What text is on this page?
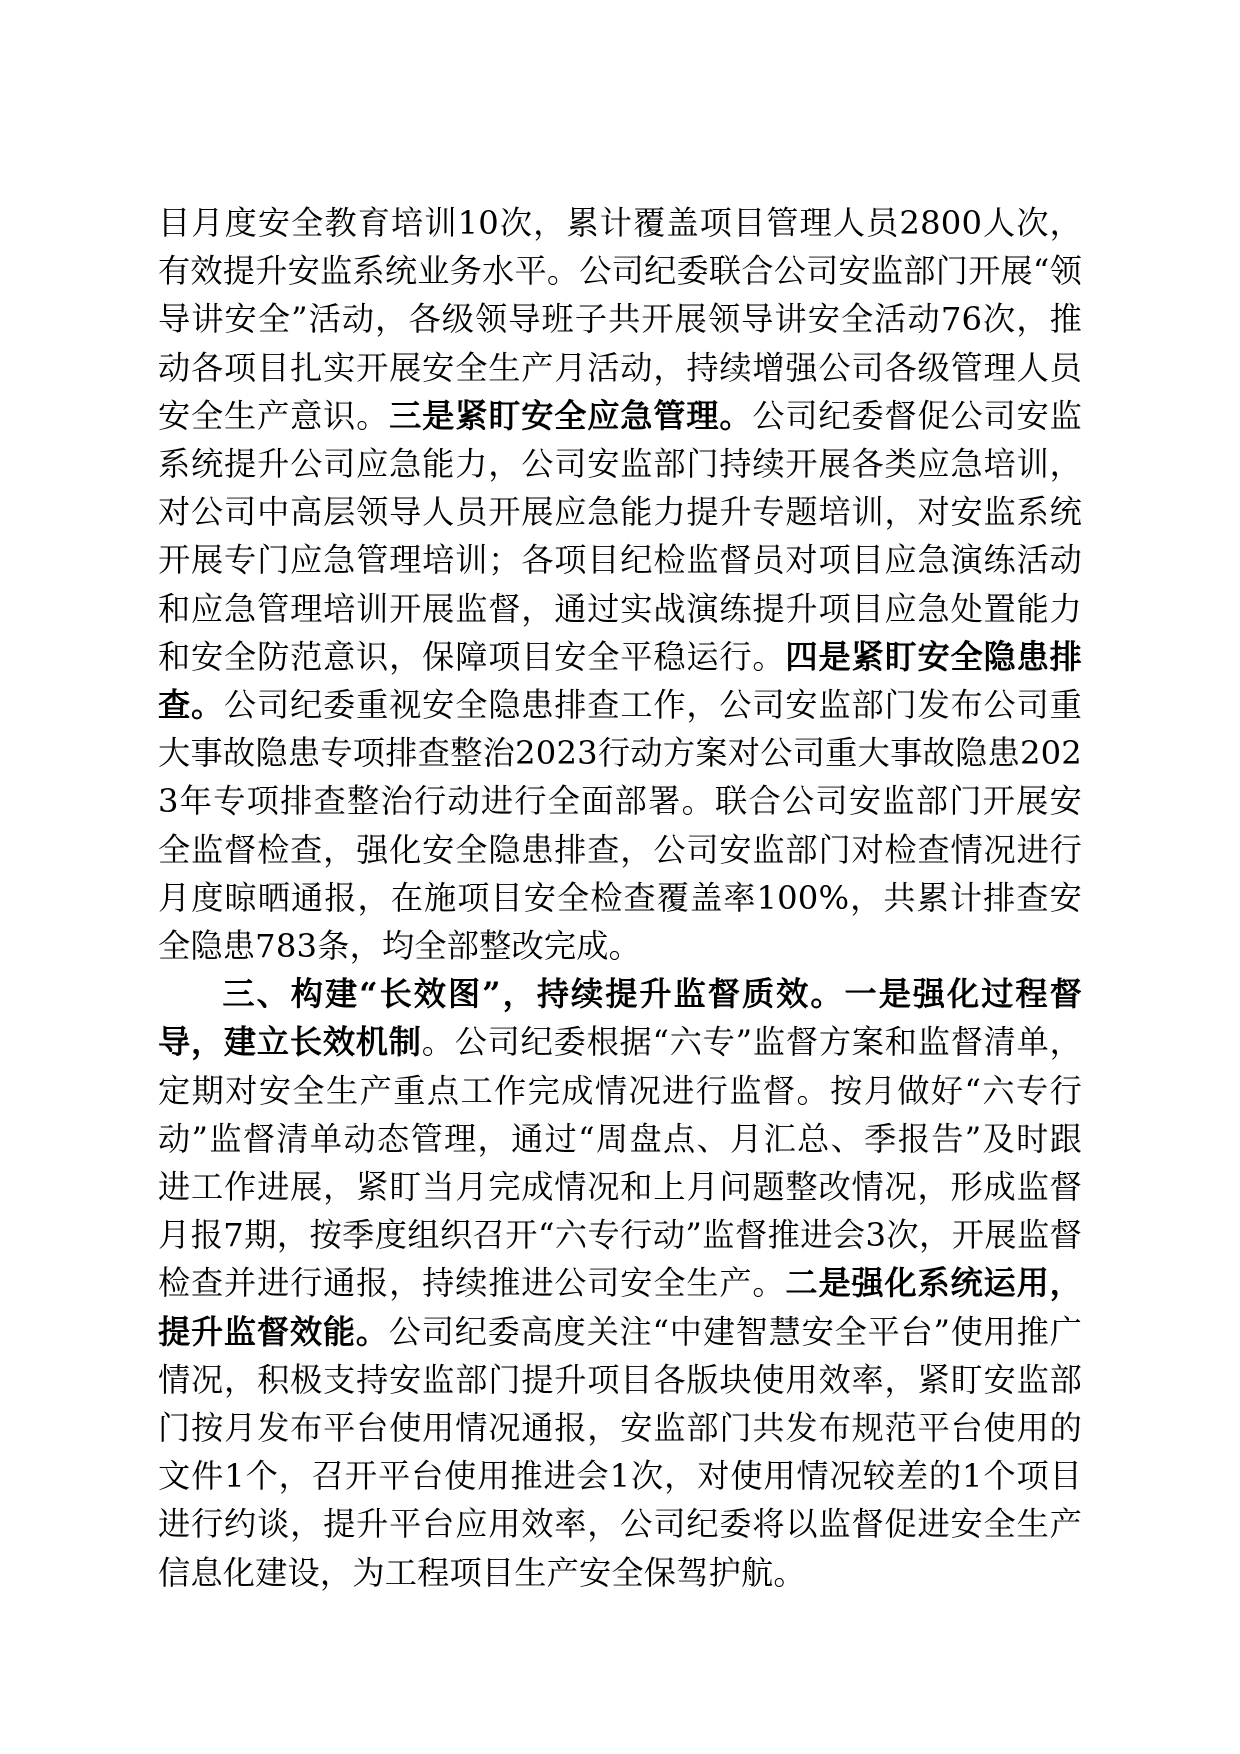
目月度安全教育培训10次，累计覆盖项目管理人员2800人次，有效提升安监系统业务水平。公司纪委联合公司安监部门开展“领导讲安全”活动，各级领导班子共开展领导讲安全活动76次，推动各项目扎实开展安全生产月活动，持续增强公司各级管理人员安全生产意识。三是紧盯安全应急管理。公司纪委督促公司安监系统提升公司应急能力，公司安监部门持续开展各类应急培训，对公司中高层领导人员开展应急能力提升专题培训，对安监系统开展专门应急管理培训；各项目纪检监督员对项目应急演练活动和应急管理培训开展监督，通过实战演练提升项目应急处置能力和安全防范意识，保障项目安全平稳运行。四是紧盯安全隐患排查。公司纪委重视安全隐患排查工作，公司安监部门发布公司重大事故隐患专项排查整治2023行动方案对公司重大事故隐患2023年专项排查整治行动进行全面部署。联合公司安监部门开展安全监督检查，强化安全隐患排查，公司安监部门对检查情况进行月度晾晒通报，在施项目安全检查覆盖率100%，共累计排查安全隐患783条，均全部整改完成。

三、构建“长效图”，持续提升监督质效。一是强化过程督导，建立长效机制。公司纪委根据“六专”监督方案和监督清单，定期对安全生产重点工作完成情况进行监督。按月做好“六专行动”监督清单动态管理，通过“周盘点、月汇总、季报告”及时跟进工作进展，紧盯当月完成情况和上月问题整改情况，形成监督月报7期，按季度组织召开“六专行动”监督推进会3次，开展监督检查并进行通报，持续推进公司安全生产。二是强化系统运用，提升监督效能。公司纪委高度关注“中建智慧安全平台”使用推广情况，积极支持安监部门提升项目各版块使用效率，紧盯安监部门按月发布平台使用情况通报，安监部门共发布规范平台使用的文件1个，召开平台使用推进会1次，对使用情况较差的1个项目进行约谈，提升平台应用效率，公司纪委将以监督促进安全生产信息化建设，为工程项目生产安全保驾护航。
